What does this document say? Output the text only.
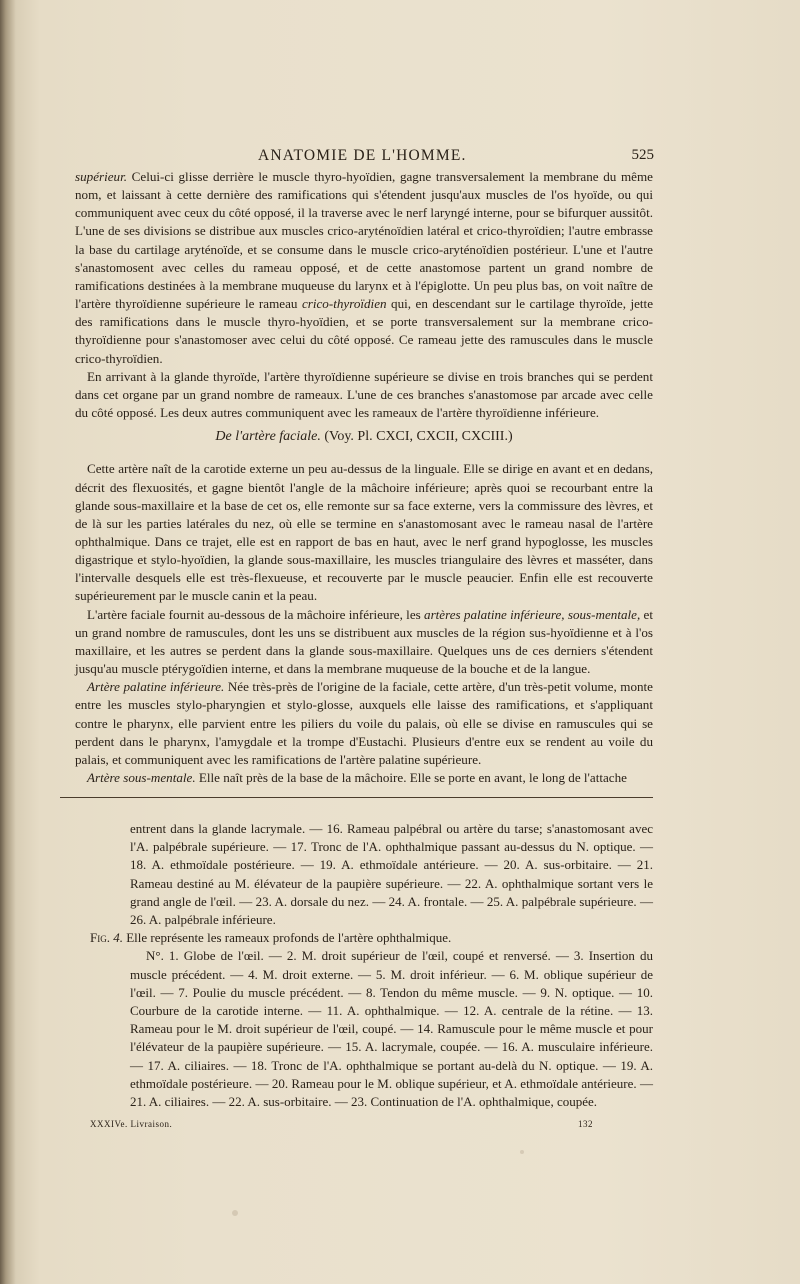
ANATOMIE DE L'HOMME.	525

supérieur. Celui-ci glisse derrière le muscle thyro-hyoïdien, gagne transversalement la membrane du même nom, et laissant à cette dernière des ramifications qui s'étendent jusqu'aux muscles de l'os hyoïde, ou qui communiquent avec ceux du côté opposé, il la traverse avec le nerf laryngé interne, pour se bifurquer aussitôt. L'une de ses divisions se distribue aux muscles crico-aryténoïdien latéral et crico-thyroïdien; l'autre embrasse la base du cartilage aryténoïde, et se consume dans le muscle crico-aryténoïdien postérieur. L'une et l'autre s'anastomosent avec celles du rameau opposé, et de cette anastomose partent un grand nombre de ramifications destinées à la membrane muqueuse du larynx et à l'épiglotte. Un peu plus bas, on voit naître de l'artère thyroïdienne supérieure le rameau crico-thyroïdien qui, en descendant sur le cartilage thyroïde, jette des ramifications dans le muscle thyro-hyoïdien, et se porte transversalement sur la membrane crico-thyroïdienne pour s'anastomoser avec celui du côté opposé. Ce rameau jette des ramuscules dans le muscle crico-thyroïdien.

En arrivant à la glande thyroïde, l'artère thyroïdienne supérieure se divise en trois branches qui se perdent dans cet organe par un grand nombre de rameaux. L'une de ces branches s'anastomose par arcade avec celle du côté opposé. Les deux autres communiquent avec les rameaux de l'artère thyroïdienne inférieure.

De l'artère faciale. (Voy. Pl. CXCI, CXCII, CXCIII.)

Cette artère naît de la carotide externe un peu au-dessus de la linguale. Elle se dirige en avant et en dedans, décrit des flexuosités, et gagne bientôt l'angle de la mâchoire inférieure; après quoi se recourbant entre la glande sous-maxillaire et la base de cet os, elle remonte sur sa face externe, vers la commissure des lèvres, et de là sur les parties latérales du nez, où elle se termine en s'anastomosant avec le rameau nasal de l'artère ophthalmique. Dans ce trajet, elle est en rapport de bas en haut, avec le nerf grand hypoglosse, les muscles digastrique et stylo-hyoïdien, la glande sous-maxillaire, les muscles triangulaire des lèvres et masséter, dans l'intervalle desquels elle est très-flexueuse, et recouverte par le muscle peaucier. Enfin elle est recouverte supérieurement par le muscle canin et la peau.

L'artère faciale fournit au-dessous de la mâchoire inférieure, les artères palatine inférieure, sous-mentale, et un grand nombre de ramuscules, dont les uns se distribuent aux muscles de la région sus-hyoïdienne et à l'os maxillaire, et les autres se perdent dans la glande sous-maxillaire. Quelques uns de ces derniers s'étendent jusqu'au muscle ptérygoïdien interne, et dans la membrane muqueuse de la bouche et de la langue.

Artère palatine inférieure. Née très-près de l'origine de la faciale, cette artère, d'un très-petit volume, monte entre les muscles stylo-pharyngien et stylo-glosse, auxquels elle laisse des ramifications, et s'appliquant contre le pharynx, elle parvient entre les piliers du voile du palais, où elle se divise en ramuscules qui se perdent dans le pharynx, l'amygdale et la trompe d'Eustachi. Plusieurs d'entre eux se rendent au voile du palais, et communiquent avec les ramifications de l'artère palatine supérieure.

Artère sous-mentale. Elle naît près de la base de la mâchoire. Elle se porte en avant, le long de l'attache

entrent dans la glande lacrymale. — 16. Rameau palpébral ou artère du tarse; s'anastomosant avec l'A. palpébrale supérieure. — 17. Tronc de l'A. ophthalmique passant au-dessus du N. optique. — 18. A. ethmoïdale postérieure. — 19. A. ethmoïdale antérieure. — 20. A. sus-orbitaire. — 21. Rameau destiné au M. élévateur de la paupière supérieure. — 22. A. ophthalmique sortant vers le grand angle de l'œil. — 23. A. dorsale du nez. — 24. A. frontale. — 25. A. palpébrale supérieure. — 26. A. palpébrale inférieure.

Fig. 4. Elle représente les rameaux profonds de l'artère ophthalmique.

N°. 1. Globe de l'œil. — 2. M. droit supérieur de l'œil, coupé et renversé. — 3. Insertion du muscle précédent. — 4. M. droit externe. — 5. M. droit inférieur. — 6. M. oblique supérieur de l'œil. — 7. Poulie du muscle précédent. — 8. Tendon du même muscle. — 9. N. optique. — 10. Courbure de la carotide interne. — 11. A. ophthalmique. — 12. A. centrale de la rétine. — 13. Rameau pour le M. droit supérieur de l'œil, coupé. — 14. Ramuscule pour le même muscle et pour l'élévateur de la paupière supérieure. — 15. A. lacrymale, coupée. — 16. A. musculaire inférieure. — 17. A. ciliaires. — 18. Tronc de l'A. ophthalmique se portant au-delà du N. optique. — 19. A. ethmoïdale postérieure. — 20. Rameau pour le M. oblique supérieur, et A. ethmoïdale antérieure. — 21. A. ciliaires. — 22. A. sus-orbitaire. — 23. Continuation de l'A. ophthalmique, coupée.

XXXIVe. Livraison.	132
